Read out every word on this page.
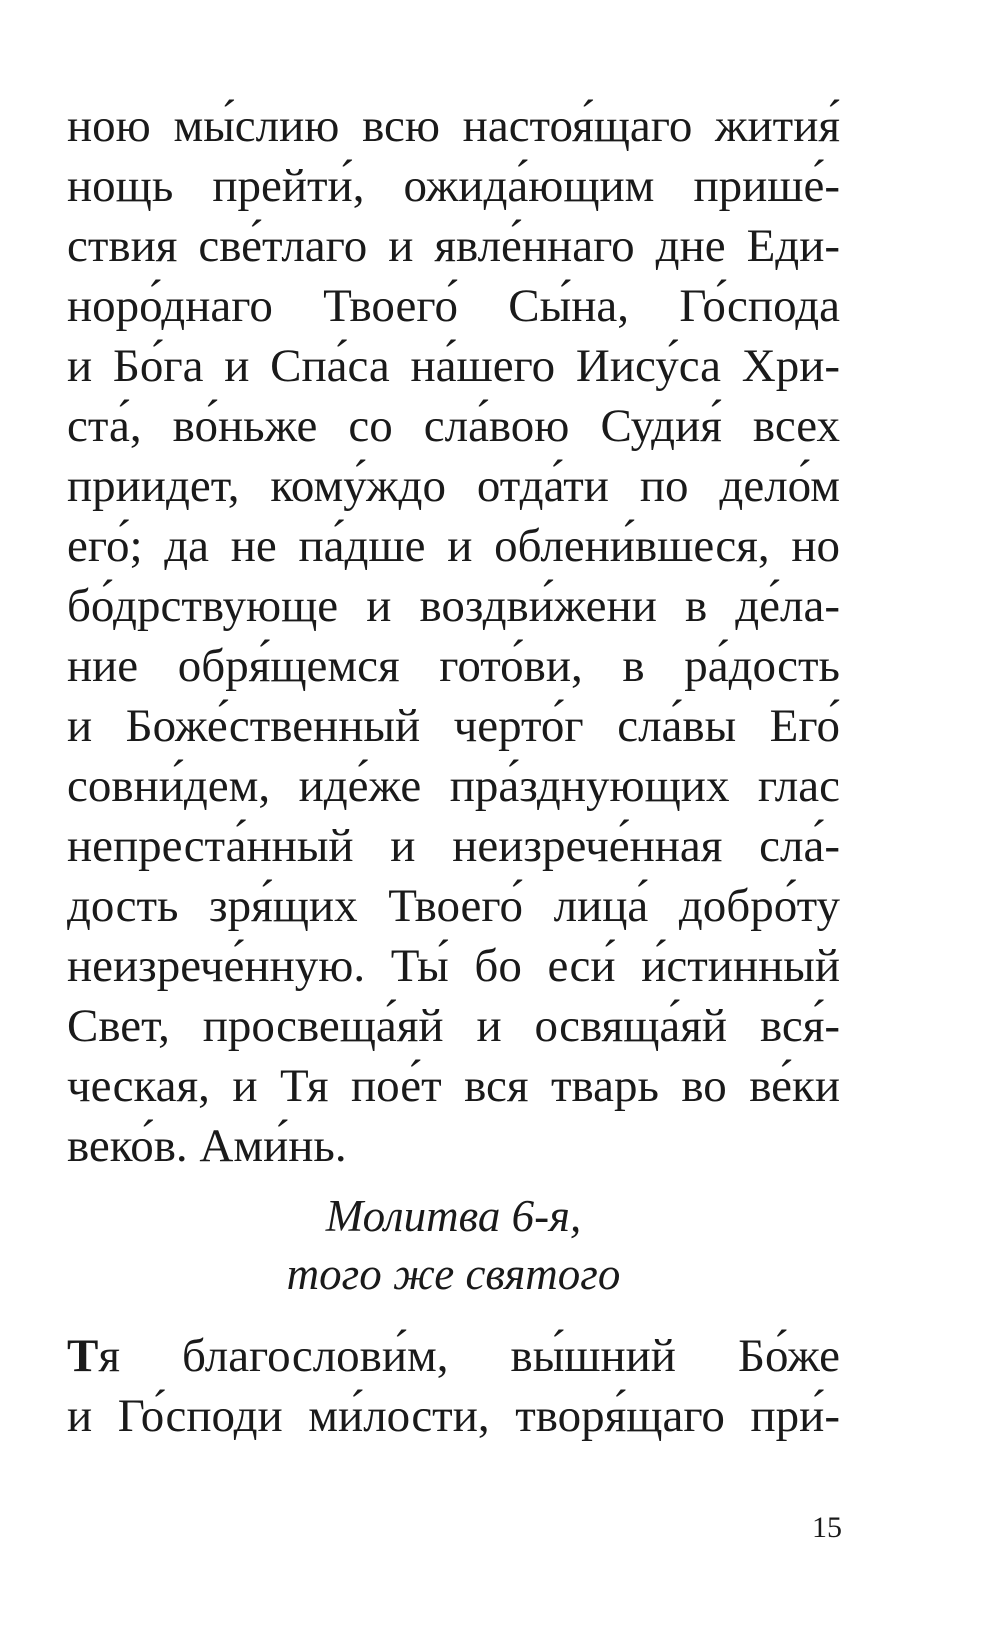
ною мы́слию всю настоя́щаго жития́
нощь прейти́, ожида́ющим прише́-
ствия све́тлаго и явле́ннаго дне Еди-
норо́днаго Твоего́ Сы́на, Го́спода
и Бо́га и Спа́са на́шего Иису́са Хри-
ста́, во́ньже со сла́вою Судия́ всех
приидет, кому́ждо отда́ти по дело́м
его́; да не па́дше и облени́вшеся, но
бо́дрствующе и воздви́жени в де́ла-
ние обря́щемся гото́ви, в ра́дость
и Боже́ственный черто́г сла́вы Его́
совни́дем, иде́же пра́зднующих глас
непреста́нный и неизрече́нная сла́-
дость зря́щих Твоего́ лица́ добро́ту
неизрече́нную. Ты́ бо еси́ и́стинный
Свет, просвеща́яй и освяща́яй вся́-
ческая, и Тя пое́т вся тварь во ве́ки
веко́в. Ами́нь.
Молитва 6-я,
того же святого
Тя благослови́м, вы́шний Бо́же
и Го́споди ми́лости, творя́щаго при́-
15
